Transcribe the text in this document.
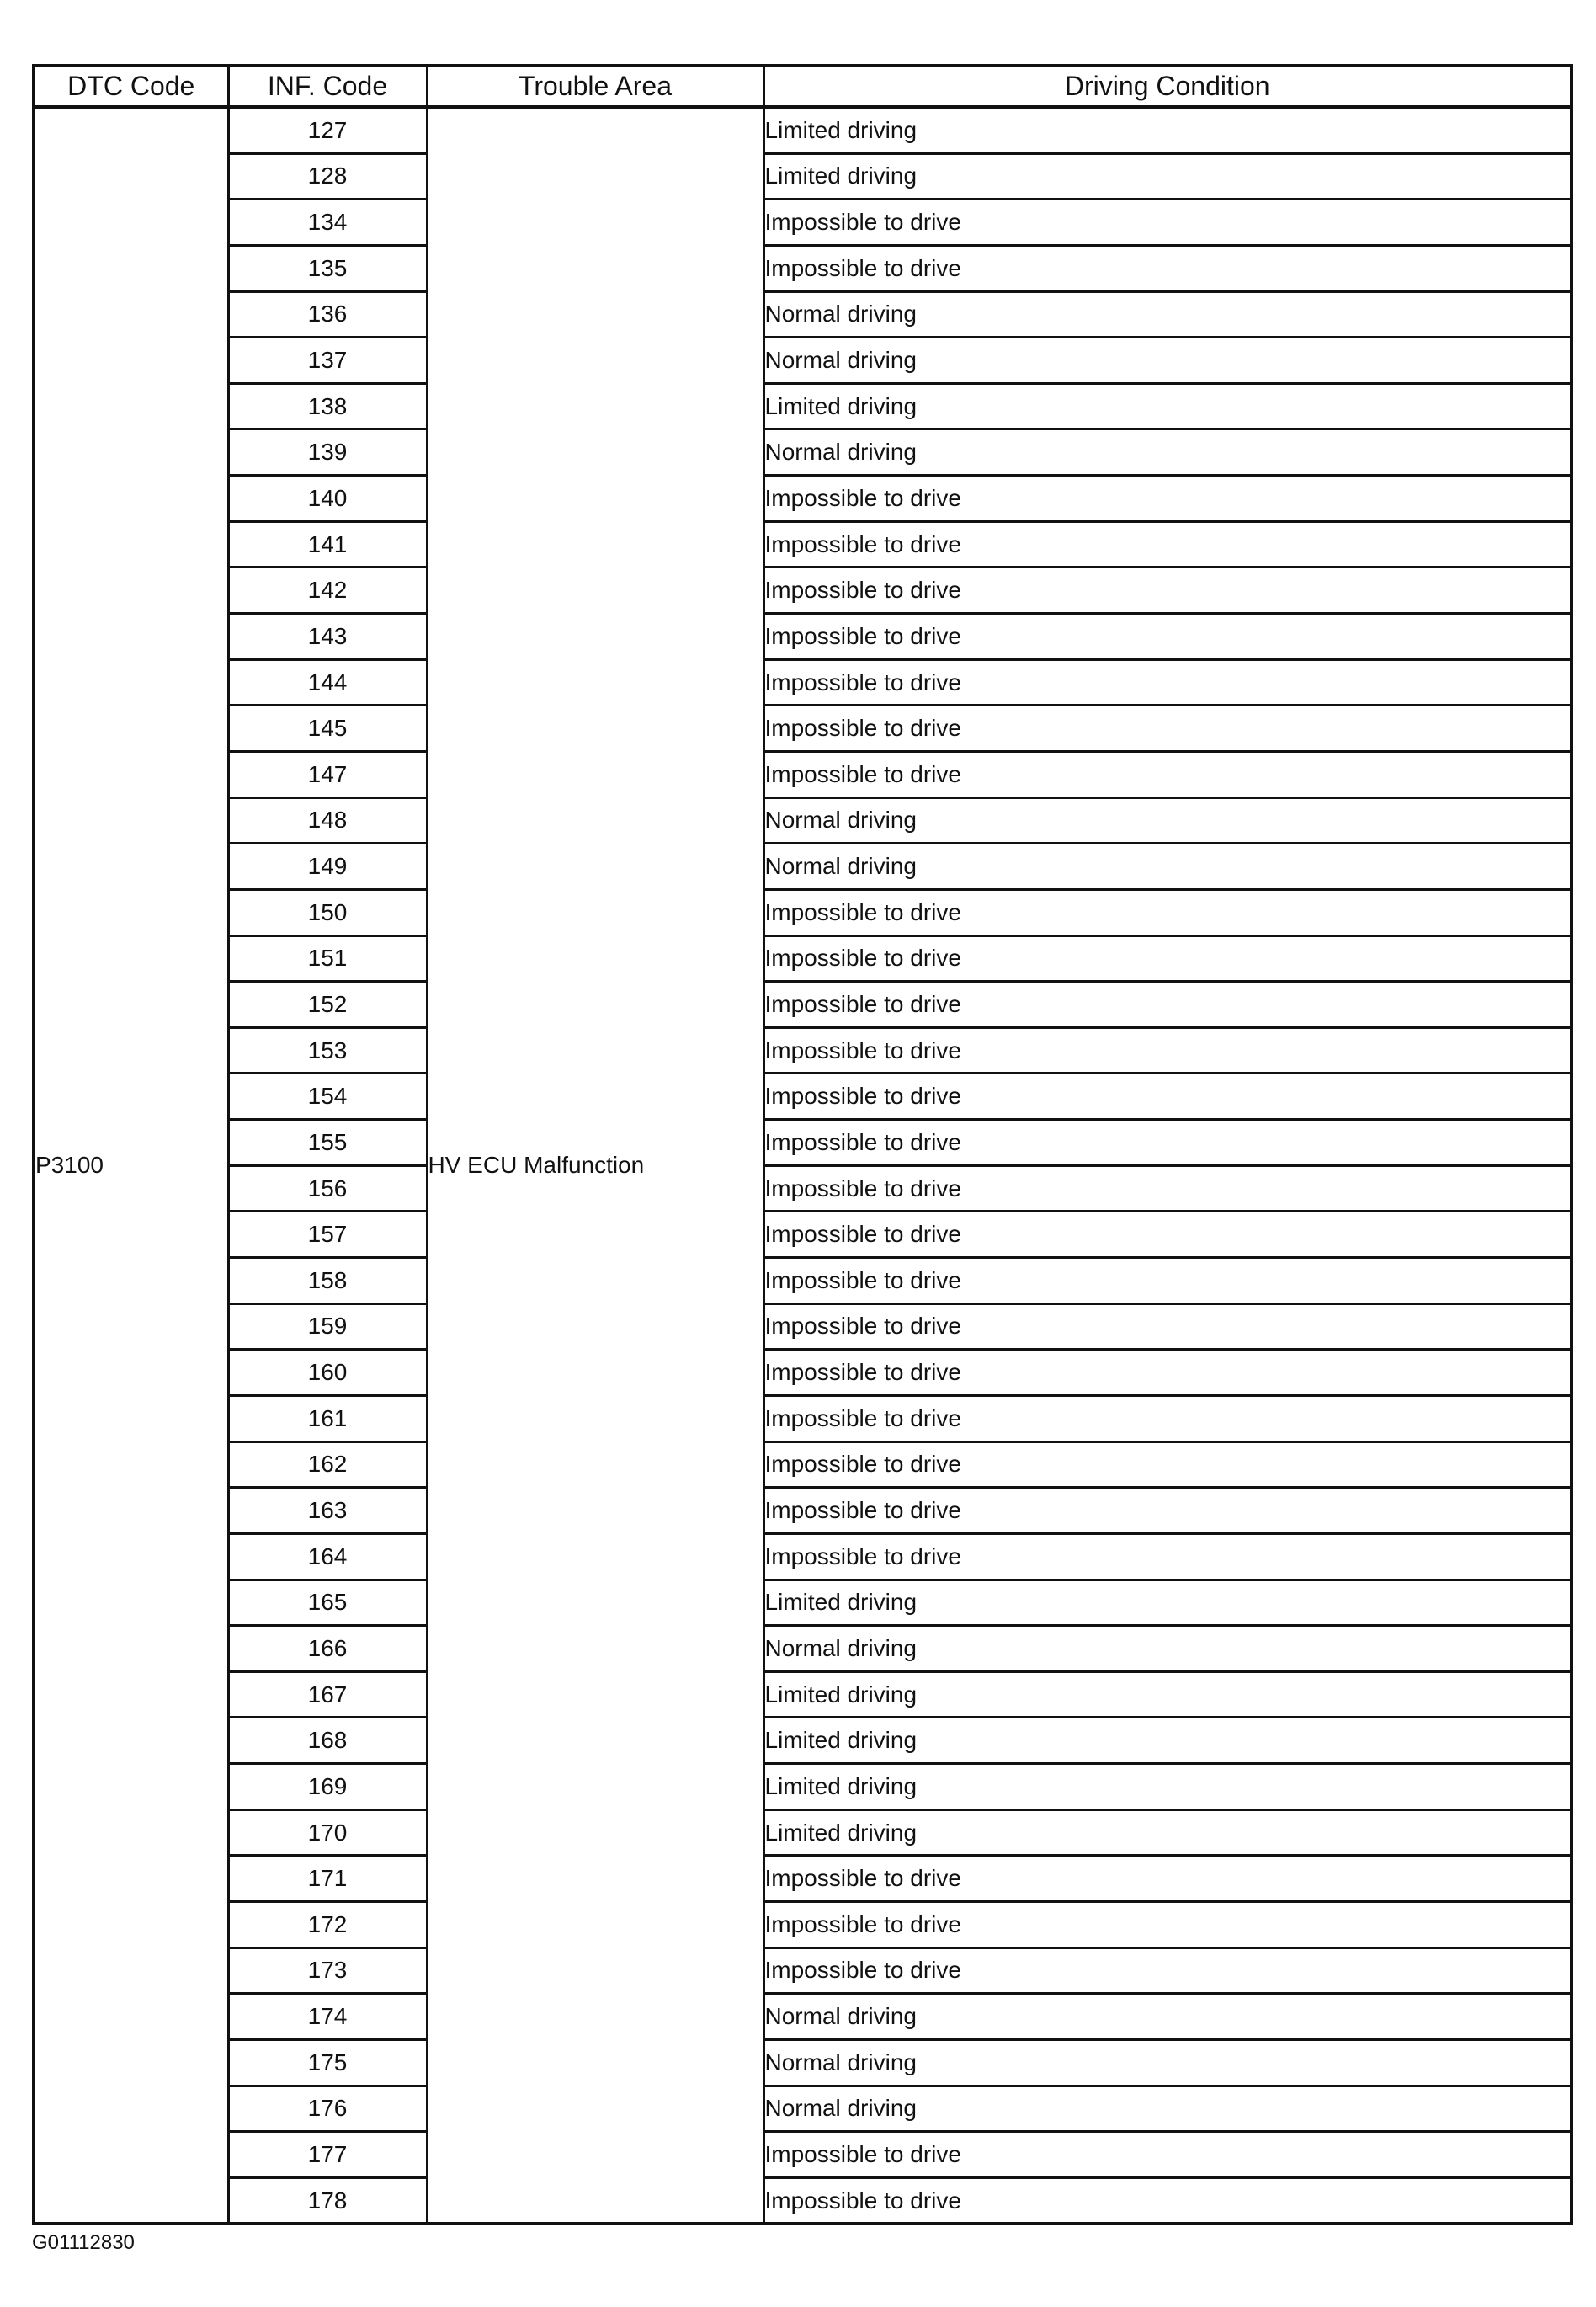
DTC Code	INF. Code	Trouble Area	Driving Condition
P3100	127	HV ECU Malfunction	Limited driving
	128		Limited driving
	134		Impossible to drive
	135		Impossible to drive
	136		Normal driving
	137		Normal driving
	138		Limited driving
	139		Normal driving
	140		Impossible to drive
	141		Impossible to drive
	142		Impossible to drive
	143		Impossible to drive
	144		Impossible to drive
	145		Impossible to drive
	147		Impossible to drive
	148		Normal driving
	149		Normal driving
	150		Impossible to drive
	151		Impossible to drive
	152		Impossible to drive
	153		Impossible to drive
	154		Impossible to drive
	155		Impossible to drive
	156		Impossible to drive
	157		Impossible to drive
	158		Impossible to drive
	159		Impossible to drive
	160		Impossible to drive
	161		Impossible to drive
	162		Impossible to drive
	163		Impossible to drive
	164		Impossible to drive
	165		Limited driving
	166		Normal driving
	167		Limited driving
	168		Limited driving
	169		Limited driving
	170		Limited driving
	171		Impossible to drive
	172		Impossible to drive
	173		Impossible to drive
	174		Normal driving
	175		Normal driving
	176		Normal driving
	177		Impossible to drive
	178		Impossible to drive
G01112830
